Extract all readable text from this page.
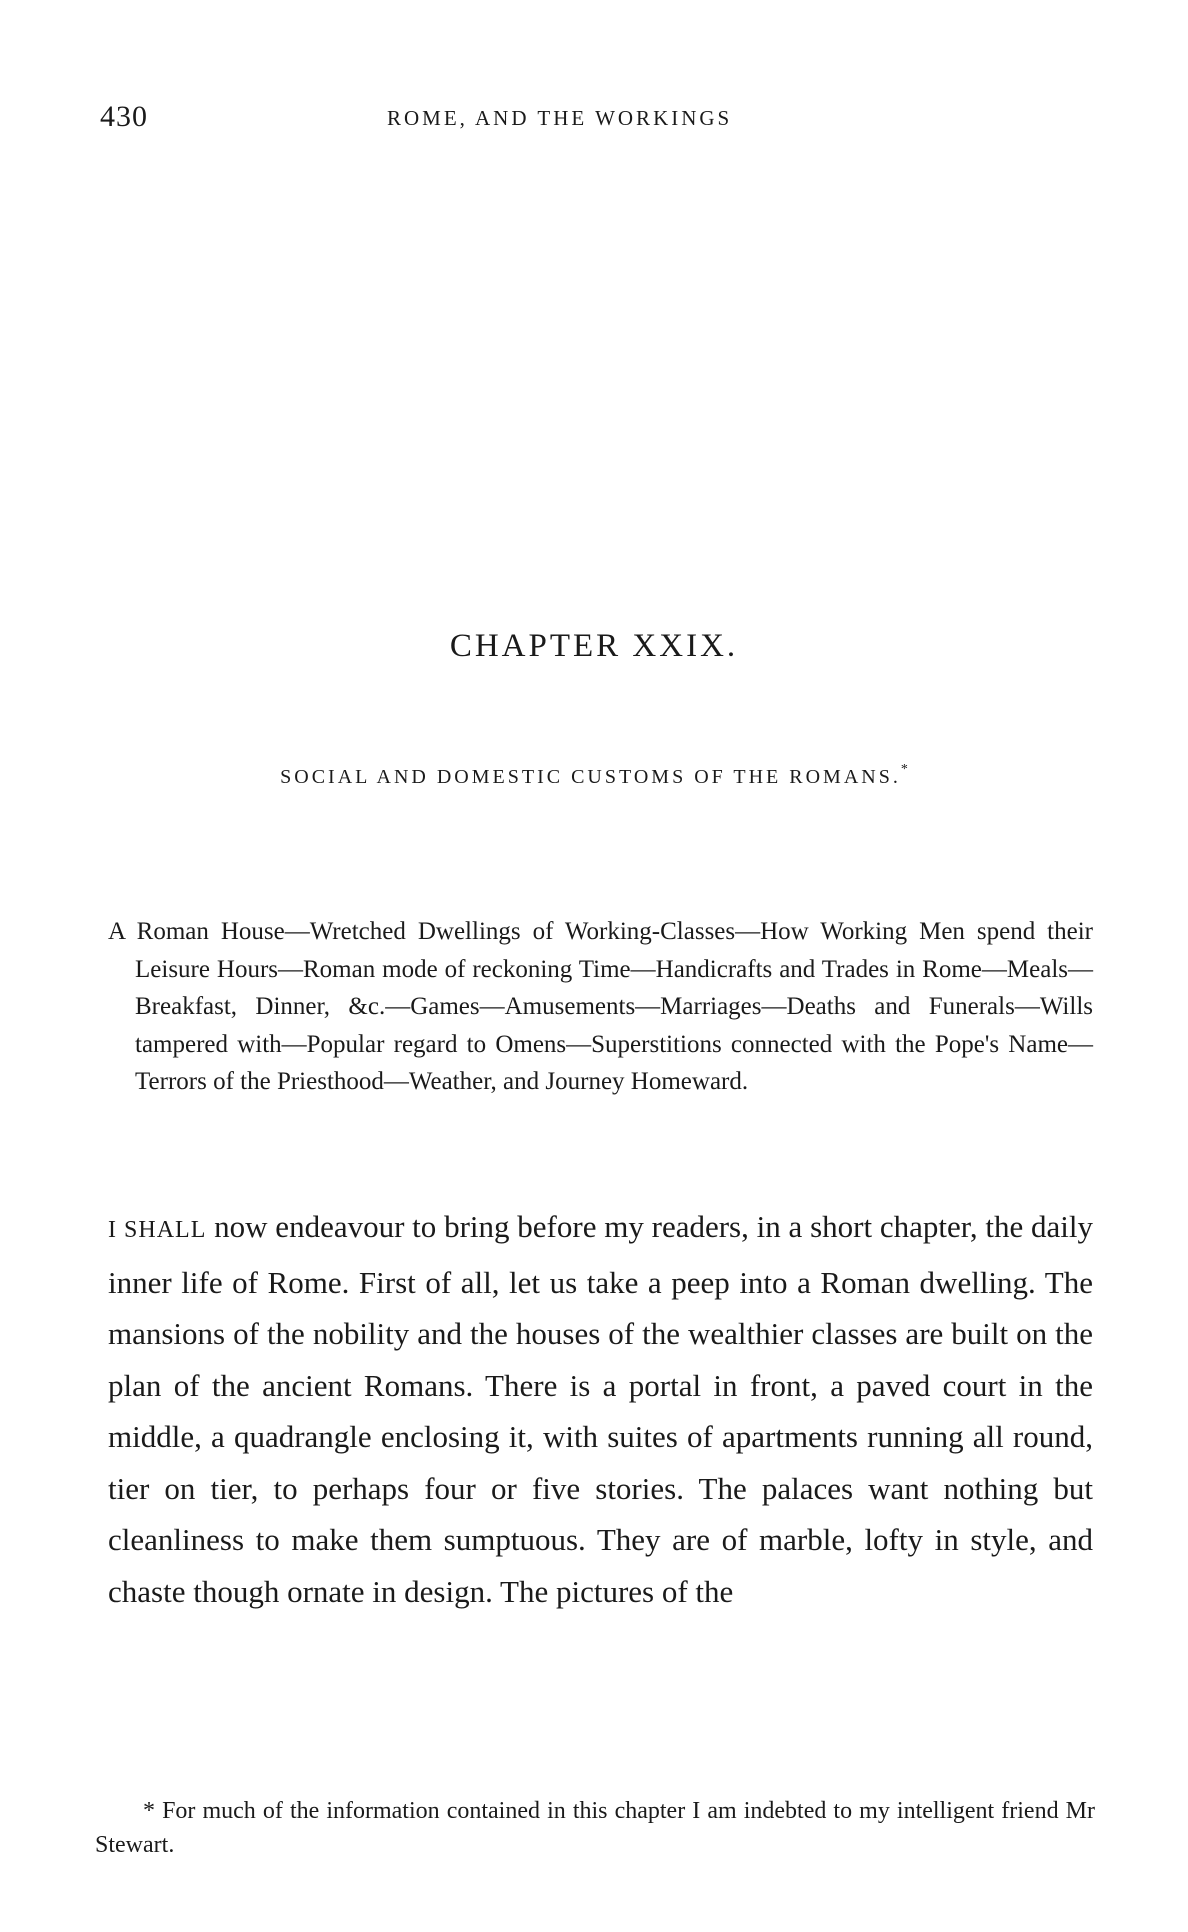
430	ROME, AND THE WORKINGS
CHAPTER XXIX.
SOCIAL AND DOMESTIC CUSTOMS OF THE ROMANS.*

A Roman House—Wretched Dwellings of Working-Classes—How Working Men spend their Leisure Hours—Roman mode of reckoning Time—Handicrafts and Trades in Rome—Meals—Breakfast, Dinner, &c.—Games—Amusements—Marriages—Deaths and Funerals—Wills tampered with—Popular regard to Omens—Superstitions connected with the Pope's Name—Terrors of the Priesthood—Weather, and Journey Homeward.

I SHALL now endeavour to bring before my readers, in a short chapter, the daily inner life of Rome. First of all, let us take a peep into a Roman dwelling. The mansions of the nobility and the houses of the wealthier classes are built on the plan of the ancient Romans. There is a portal in front, a paved court in the middle, a quadrangle enclosing it, with suites of apartments running all round, tier on tier, to perhaps four or five stories. The palaces want nothing but cleanliness to make them sumptuous. They are of marble, lofty in style, and chaste though ornate in design. The pictures of the

* For much of the information contained in this chapter I am indebted to my intelligent friend Mr Stewart.
